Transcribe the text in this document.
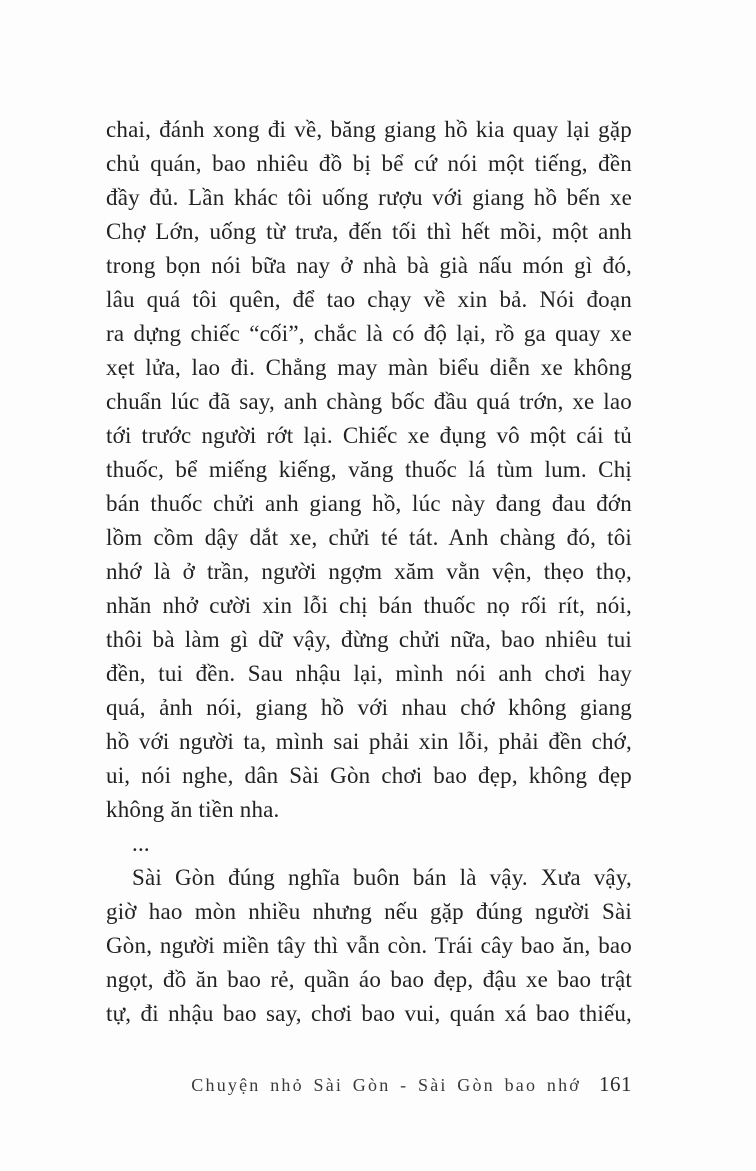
chai, đánh xong đi về, băng giang hồ kia quay lại gặp
chủ quán, bao nhiêu đồ bị bể cứ nói một tiếng, đền
đầy đủ. Lần khác tôi uống rượu với giang hồ bến xe
Chợ Lớn, uống từ trưa, đến tối thì hết mồi, một anh
trong bọn nói bữa nay ở nhà bà già nấu món gì đó,
lâu quá tôi quên, để tao chạy về xin bả. Nói đoạn
ra dựng chiếc “cối”, chắc là có độ lại, rồ ga quay xe
xẹt lửa, lao đi. Chẳng may màn biểu diễn xe không
chuẩn lúc đã say, anh chàng bốc đầu quá trớn, xe lao
tới trước người rớt lại. Chiếc xe đụng vô một cái tủ
thuốc, bể miếng kiếng, văng thuốc lá tùm lum. Chị
bán thuốc chửi anh giang hồ, lúc này đang đau đớn
lồm cồm dậy dắt xe, chửi té tát. Anh chàng đó, tôi
nhớ là ở trần, người ngợm xăm vằn vện, thẹo thọ,
nhăn nhở cười xin lỗi chị bán thuốc nọ rối rít, nói,
thôi bà làm gì dữ vậy, đừng chửi nữa, bao nhiêu tui
đền, tui đền. Sau nhậu lại, mình nói anh chơi hay
quá, ảnh nói, giang hồ với nhau chớ không giang
hồ với người ta, mình sai phải xin lỗi, phải đền chớ,
ui, nói nghe, dân Sài Gòn chơi bao đẹp, không đẹp
không ăn tiền nha.
...
Sài Gòn đúng nghĩa buôn bán là vậy. Xưa vậy,
giờ hao mòn nhiều nhưng nếu gặp đúng người Sài
Gòn, người miền tây thì vẫn còn. Trái cây bao ăn, bao
ngọt, đồ ăn bao rẻ, quần áo bao đẹp, đậu xe bao trật
tự, đi nhậu bao say, chơi bao vui, quán xá bao thiếu,
Chuyện nhỏ Sài Gòn - Sài Gòn bao nhớ 161
